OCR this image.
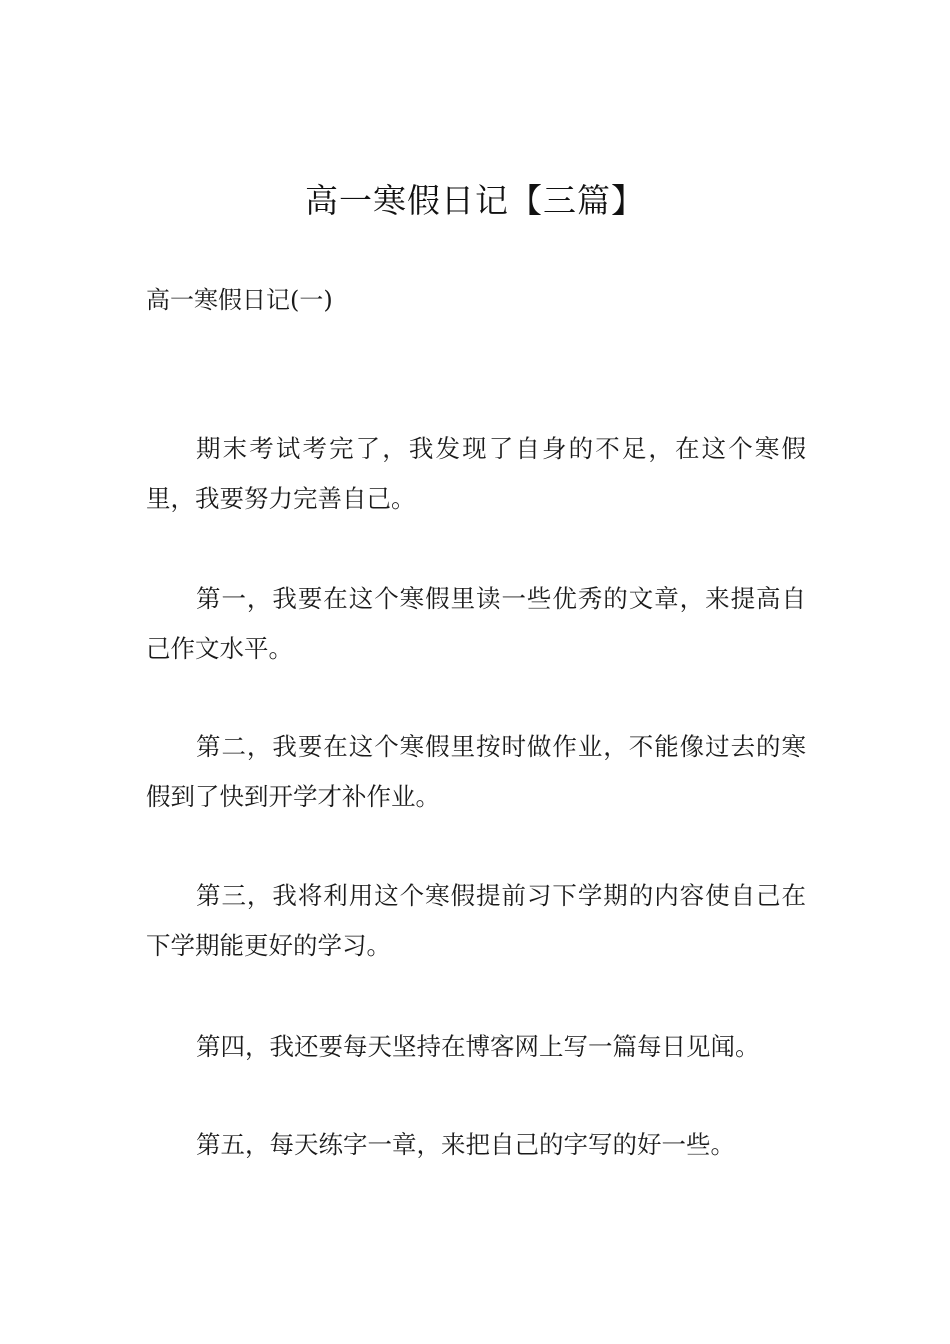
高一寒假日记【三篇】
高一寒假日记(一)

期末考试考完了，我发现了自身的不足，在这个寒假里，我要努力完善自己。

第一，我要在这个寒假里读一些优秀的文章，来提高自己作文水平。

第二，我要在这个寒假里按时做作业，不能像过去的寒假到了快到开学才补作业。

第三，我将利用这个寒假提前习下学期的内容使自己在下学期能更好的学习。

第四，我还要每天坚持在博客网上写一篇每日见闻。

第五，每天练字一章，来把自己的字写的好一些。
